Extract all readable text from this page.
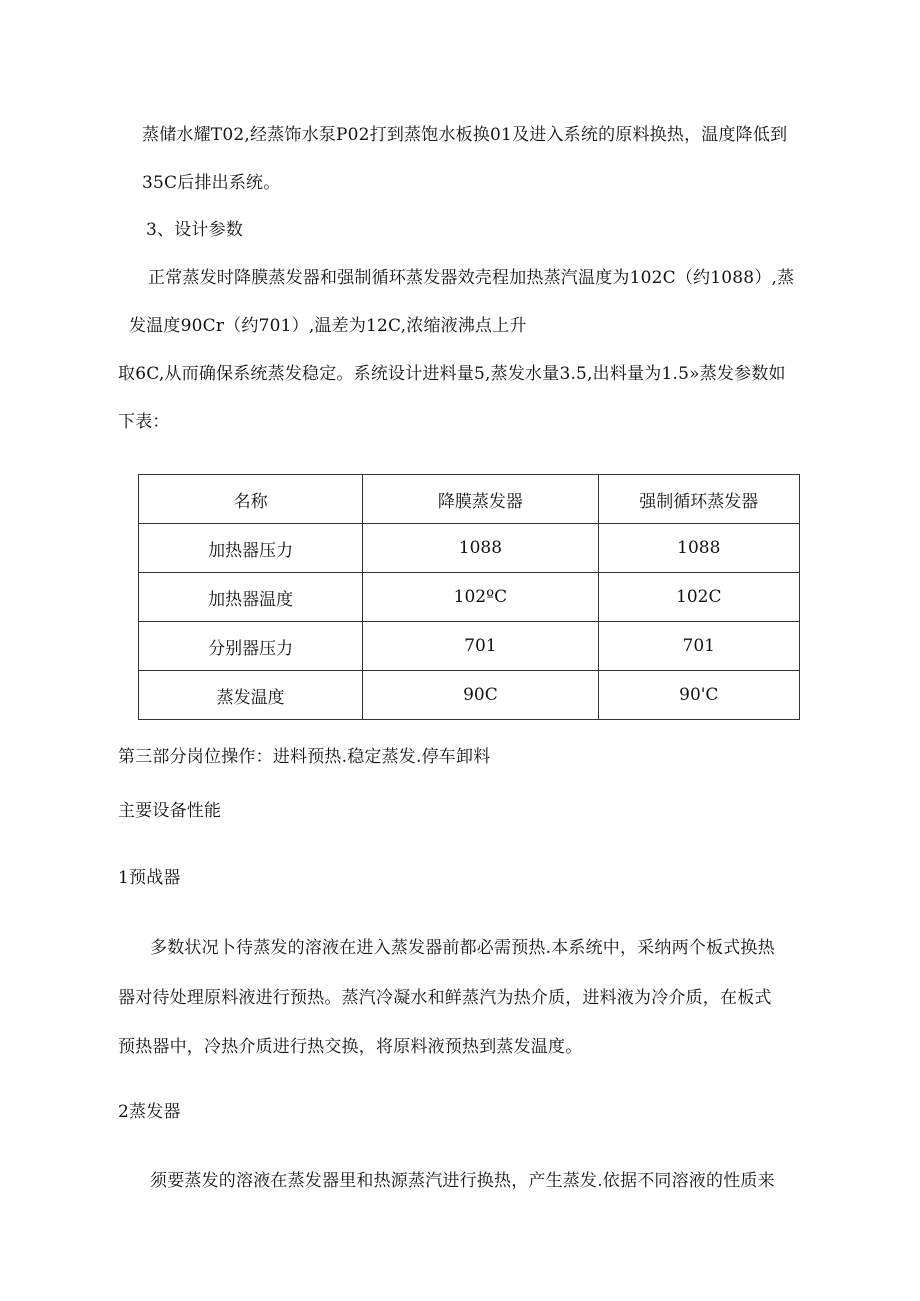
蒸储水耀T02,经蒸饰水泵P02打到蒸饱水板换01及进入系统的原料换热，温度降低到
35C后排出系统。
3、设计参数
正常蒸发时降膜蒸发器和强制循环蒸发器效壳程加热蒸汽温度为102C（约1088）,蒸
发温度90Cr（约701）,温差为12C,浓缩液沸点上升
取6C,从而确保系统蒸发稳定。系统设计进料量5,蒸发水量3.5,出料量为1.5»蒸发参数如
下表：
名称	降膜蒸发器	强制循环蒸发器
加热器压力	1088	1088
加热器温度	102ºC	102C
分别器压力	701	701
蒸发温度	90C	90'C
第三部分岗位操作：进料预热.稳定蒸发.停车卸料
主要设备性能
1预战器
多数状况卜待蒸发的溶液在进入蒸发器前都必需预热.本系统中，采纳两个板式换热
器对待处理原料液进行预热。蒸汽冷凝水和鲜蒸汽为热介质，进料液为冷介质，在板式
预热器中，冷热介质进行热交换，将原料液预热到蒸发温度。
2蒸发器
须要蒸发的溶液在蒸发器里和热源蒸汽进行换热，产生蒸发.依据不同溶液的性质来
